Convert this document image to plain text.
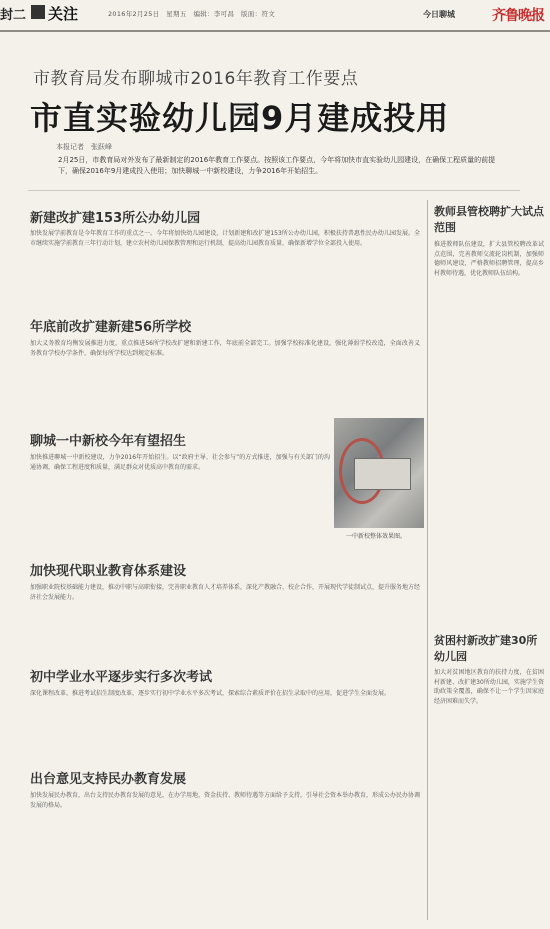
封二 关注	2016年2月25日　星期五　编辑：李可昌　版面：符文	今日聊城	齐鲁晚报
市教育局发布聊城市2016年教育工作要点
市直实验幼儿园9月建成投用
本报记者　张跃峰
2月25日，市教育局对外发布了最新制定的2016年教育工作要点。按照该工作要点，今年将加快市直实验幼儿园建设，在确保工程质量的前提下，确保2016年9月建成投入使用；加快聊城一中新校建设，力争2016年开始招生。
新建改扩建153所公办幼儿园
加快发展学前教育是今年教育工作的重点之一。今年将加快幼儿园建设，计划新建和改扩建153所公办幼儿园，积极扶持普惠性民办幼儿园发展。全市继续实施学前教育三年行动计划，建立农村幼儿园保教管理和运行机制，提高幼儿园教育质量，确保新增学位全部投入使用。
年底前改扩建新建56所学校
加大义务教育均衡发展推进力度，重点推进56所学校改扩建和新建工作，年底前全部完工。加强学校标准化建设，强化薄弱学校改造，全面改善义务教育学校办学条件，确保每所学校达到规定标准。
聊城一中新校今年有望招生
加快推进聊城一中新校建设，力争2016年开始招生。以“政府主导、社会参与”的方式推进，加强与有关部门的沟通协调，确保工程进度和质量，满足群众对优质高中教育的需求。
一中新校整体效果图。
加快现代职业教育体系建设
加强职业院校基础能力建设，推动中职与高职衔接，完善职业教育人才培养体系，深化产教融合、校企合作，开展现代学徒制试点，提升服务地方经济社会发展能力。
初中学业水平逐步实行多次考试
深化课程改革，推进考试招生制度改革，逐步实行初中学业水平多次考试，探索综合素质评价在招生录取中的应用，促进学生全面发展。
出台意见支持民办教育发展
加快发展民办教育，出台支持民办教育发展的意见，在办学用地、资金扶持、教师待遇等方面给予支持，引导社会资本举办教育，形成公办民办协调发展的格局。
教师县管校聘扩大试点范围
推进教师队伍建设，扩大县管校聘改革试点范围，完善教师交流轮岗机制，加强师德师风建设，严格教师招聘管理，提高乡村教师待遇，优化教师队伍结构。
贫困村新改扩建30所幼儿园
加大对贫困地区教育的扶持力度，在贫困村新建、改扩建30所幼儿园，实施学生资助政策全覆盖，确保不让一个学生因家庭经济困难而失学。
